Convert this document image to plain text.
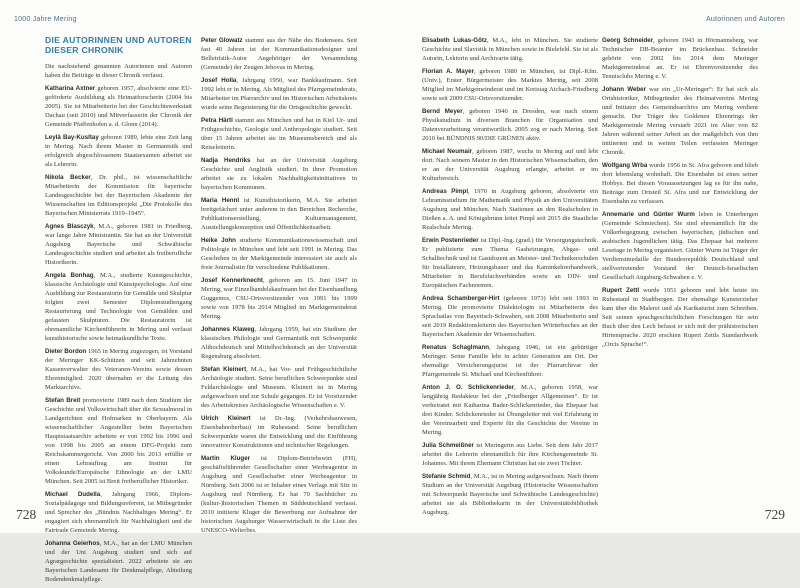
1000 Jahre Mering	Autorinnen und Autoren
DIE AUTORINNEN UND AUTOREN
DIESER CHRONIK

Die nachstehend genannten Autorinnen und Autoren haben die Beiträge in dieser Chronik verfasst.

Katharina Axtner geboren 1957, absolvierte eine EU-geförderte Ausbildung als Heimatforscherin (2004 bis 2005). Sie ist Mitarbeiterin bei der Geschichtswerkstatt Dachau (seit 2010) und Mitverfasserin der Chronik der Gemeinde Pfaffenhofen a. d. Glonn (2014).

Leylâ Bay-Kusltay geboren 1989, lebte eine Zeit lang in Mering. Nach ihrem Master in Germanistik und erfolgreich abgeschlossenem Staatsexamen arbeitet sie als Lehrerin.

Nikola Becker, Dr. phil., ist wissenschaftliche Mitarbeiterin der Kommission für bayerische Landesgeschichte bei der Bayerischen Akademie der Wissenschaften im Editionsprojekt „Die Protokolle des Bayerischen Ministerrats 1919–1945“.

Agnes Blasczyk, M.A., geboren 1981 in Friedberg, war lange Jahre Ministrantin. Sie hat an der Universität Augsburg Bayerische und Schwäbische Landesgeschichte studiert und arbeitet als freiberufliche Historikerin.

Angela Bonhag, M.A., studierte Kunstgeschichte, klassische Archäologie und Kunstpsychologie. Auf eine Ausbildung zur Restauratorin für Gemälde und Skulptur folgten zwei Semester Diplomstudiengang Restaurierung und Technologie von Gemälden und gefassten Skulpturen. Die Restauratorin ist ehrenamtliche Kirchenführerin in Mering und verfasst kunsthistorische sowie heimatkundliche Texte.

Dieter Bordon 1965 in Mering zugezogen, ist Vorstand der Meringer KK-Schützen und seit Jahrzehnten Kassenverwalter des Veteranen-Vereins sowie dessen Ehrenmitglied. 2020 übernahm er die Leitung des Marktarchivs.

Stefan Breit promovierte 1989 nach dem Studium der Geschichte und Volkswirtschaft über die Sexualmoral in Landgerichten und Hofmarken in Oberbayern. Als wissenschaftlicher Angestellter beim Bayerischen Hauptstaatsarchiv arbeitete er von 1992 bis 1996 und von 1998 bis 2005 an einem DFG-Projekt zum Reichskammergericht. Von 2000 bis 2013 erfüllte er einen Lehrauftrag am Institut für Volkskunde/Europäische Ethnologie an der LMU München. Seit 2005 ist Breit freiberuflicher Historiker.

Michael Dudella, Jahrgang 1966, Diplom-Sozialpädagoge und Bildungsreferent, ist Mitbegründer und Sprecher des „Bündnis Nachhaltiges Mering“. Er engagiert sich ehrenamtlich für Nachhaltigkeit und die Fairtrade Gemeinde Mering.

Johanna Geierhos, M.A., hat an der LMU München und der Uni Augsburg studiert und sich auf Agrargeschichte spezialisiert. 2022 arbeitete sie am Bayerischen Landesamt für Denkmalpflege, Abteilung Bodendenkmalpflege.

Peter Glowatz stammt aus der Nähe des Bodensees. Seit fast 40 Jahren ist der Kommunikationsdesigner und Belletristik-Autor Angehöriger der Versammlung (Gemeinde) der Zeugen Jehovas in Mering.

Josef Holla, Jahrgang 1950, war Bankkaufmann. Seit 1992 lebt er in Mering. Als Mitglied des Pfarrgemeinderats, Mitarbeiter im Pfarrarchiv und im Historischen Arbeitskreis wurde seine Begeisterung für die Ortsgeschichte geweckt.

Petra Härtl stammt aus München und hat in Kiel Ur- und Frühgeschichte, Geologie und Anthropologie studiert. Seit über 15 Jahren arbeitet sie im Museumsbereich und als Reiseleiterin.

Nadja Hendriks hat an der Universität Augsburg Geschichte und Anglistik studiert. In ihrer Promotion arbeitet sie zu lokalen Nachhaltigkeitsinitiativen in bayerischen Kommunen.

Maria Hennl ist Kunsthistorikerin, M.A. Sie arbeitet breitgefächert unter anderem in den Bereichen Recherche, Publikationserstellung, Kulturmanagement, Ausstellungskonzeption und Öffentlichkeitsarbeit.

Heike John studierte Kommunikationswissenschaft und Politologie in München und lebt seit 1991 in Mering. Das Geschehen in der Marktgemeinde interessiert sie auch als freie Journalistin für verschiedene Publikationen.

Josef Kennerknecht, geboren am 15. Juni 1947 in Mering, war Einzelhandelskaufmann bei der Eisenhandlung Guggemos, CSU-Ortsvorsitzender von 1991 bis 1999 sowie von 1978 bis 2014 Mitglied im Marktgemeinderat Mering.

Johannes Klaweg, Jahrgang 1959, hat ein Studium der klassischen Philologie und Germanistik mit Schwerpunkt Althochdeutsch und Mittelhochdeutsch an der Universität Regensburg absolviert.

Stefan Kleinert, M.A., hat Vor- und Frühgeschichtliche Archäologie studiert. Seine beruflichen Schwerpunkte sind Feldarchäologie und Museum. Kleinert ist in Mering aufgewachsen und zur Schule gegangen. Er ist Vorsitzender des Arbeitskreises Archäologische Wissenschaften e. V.

Ulrich Kleinert ist Dr.-Ing. (Verkehrsbauwesen, Eisenbahnoberbau) im Ruhestand. Seine beruflichen Schwerpunkte waren die Entwicklung und die Einführung innovativer Konstruktionen und technischer Regelungen.

Martin Kluger ist Diplom-Betriebswirt (FH), geschäftsführender Gesellschafter einer Werbeagentur in Augsburg und Gesellschafter einer Werbeagentur in Nürnberg. Seit 2006 ist er Inhaber eines Verlags mit Sitz in Augsburg und Nürnberg. Er hat 70 Sachbücher zu (kultur-)historischen Themen in Süddeutschland verfasst. 2010 initiierte Kluger die Bewerbung zur Aufnahme der historischen Augsburger Wasserwirtschaft in die Liste des UNESCO-Welterbes.

Elisabeth Lukas-Götz, M.A., lebt in München. Sie studierte Geschichte und Slavistik in München sowie in Bielefeld. Sie ist als Autorin, Lektorin und Archivarin tätig.

Florian A. Mayer, geboren 1980 in München, ist Dipl.-Kfm. (Univ.), Erster Bürgermeister des Marktes Mering, seit 2008 Mitglied im Marktgemeinderat und im Kreistag Aichach-Friedberg sowie seit 2009 CSU-Ortsvorsitzender.

Bernd Meyer, geboren 1940 in Dresden, war nach einem Physikstudium in diversen Branchen für Organisation und Datenverarbeitung verantwortlich. 2005 zog er nach Mering. Seit 2010 bei BÜNDNIS 90/DIE GRÜNEN aktiv.

Michael Neumair, geboren 1987, wuchs in Mering auf und lebt dort. Nach seinem Master in den Historischen Wissenschaften, den er an der Universität Augsburg erlangte, arbeitet er im Kulturbereich.

Andreas Pimpl, 1970 in Augsburg geboren, absolvierte ein Lehramtsstudium für Mathematik und Physik an den Universitäten Augsburg und München. Nach Stationen an den Realschulen in Dießen a. A. und Königsbrunn leitet Pimpl seit 2015 die Staatliche Realschule Mering.

Erwin Postenrieder ist Dipl.-Ing. (grad.) für Versorgungstechnik. Er publizierte zum Thema Gasheizungen, Abgas- und Schalltechnik und ist Gastdozent an Meister- und Technikerschulen für Installateure, Heizungsbauer und das Kaminkehrerhandwerk, Mitarbeiter in Berufsfachverbänden sowie an DIN- und Europäischen Fachnormen.

Andrea Schamberger-Hirt (geboren 1973) lebt seit 1993 in Mering. Die promovierte Dialektologin ist Mitarbeiterin des Sprachatlas von Bayerisch-Schwaben, seit 2008 Mitarbeiterin und seit 2019 Redaktionsleiterin des Bayerischen Wörterbuches an der Bayerischen Akademie der Wissenschaften.

Renatus Schaglmann, Jahrgang 1946, ist ein gebürtiger Meringer. Seine Familie lebt in achter Generation am Ort. Der ehemalige Versicherungsjurist ist der Pfarrarchivar der Pfarrgemeinde St. Michael und Kirchenführer.

Anton J. O. Schlickenrieder, M.A., geboren 1958, war langjährig Redakteur bei der „Friedberger Allgemeinen“. Er ist verheiratet mit Katharina Bader-Schlickenrieder, das Ehepaar hat drei Kinder. Schlickenrieder ist Übungsleiter mit viel Erfahrung in der Vereinsarbeit und Experte für die Geschichte der Vereine in Mering.

Julia Schmeißner ist Meringerin aus Liebe. Seit dem Jahr 2017 arbeitet die Lehrerin ehrenamtlich für ihre Kirchengemeinde St. Johannes. Mit ihrem Ehemann Christian hat sie zwei Töchter.

Stefanie Schmid, M.A., ist in Mering aufgewachsen. Nach ihrem Studium an der Universität Augsburg (Historische Wissenschaften mit Schwerpunkt Bayerische und Schwäbische Landesgeschichte) arbeitet sie als Bibliothekarin in der Universitätsbibliothek Augsburg.

Georg Schneider, geboren 1943 in Hörmannsberg, war Technischer DB-Beamter im Brückenbau. Schneider gehörte von 2002 bis 2014 dem Meringer Marktgemeinderat an. Er ist Ehrenvorsitzender des Tennisclubs Mering e. V.

Johann Weber war ein „Ur-Meringer“: Er hat sich als Ortshistoriker, Mitbegründer des Heimatvereins Mering und Initiator des Gemeindearchivs um Mering verdient gemacht. Der Träger des Goldenen Ehrenrings der Marktgemeinde Mering verstarb 2021 im Alter von 82 Jahren während seiner Arbeit an der maßgeblich von ihm initiierten und in weiten Teilen verfassten Meringer Chronik.

Wolfgang Wrba wurde 1956 in St. Afra geboren und blieb dort lebenslang wohnhaft. Die Eisenbahn ist eines seiner Hobbys. Bei diesen Voraussetzungen lag es für ihn nahe, Beiträge zum Ortsteil St. Afra und zur Entwicklung der Eisenbahn zu verfassen.

Annemarie und Günter Wurm leben in Unterbergen (Gemeinde Schmiechen). Sie sind ehrenamtlich für die Völkerbegegnung zwischen bayerischen, jüdischen und arabischen Jugendlichen tätig. Das Ehepaar hat mehrere Lesetage in Mering organisiert. Günter Wurm ist Träger der Verdienstmedaille der Bundesrepublik Deutschland und stellvertretender Vorstand der Deutsch-Israelischen Gesellschaft Augsburg-Schwaben e. V.

Rupert Zettl wurde 1951 geboren und lebt heute im Ruhestand in Stadtbergen. Der ehemalige Kunsterzieher kam über die Malerei und als Karikaturist zum Schreiben. Seit seinen sprachgeschichtlichen Forschungen für sein Buch über den Lech befasst er sich mit der prähistorischen Hirtensprache. 2020 erschien Rupert Zettls Standardwerk „Orcis Sprache!“.

728	729
